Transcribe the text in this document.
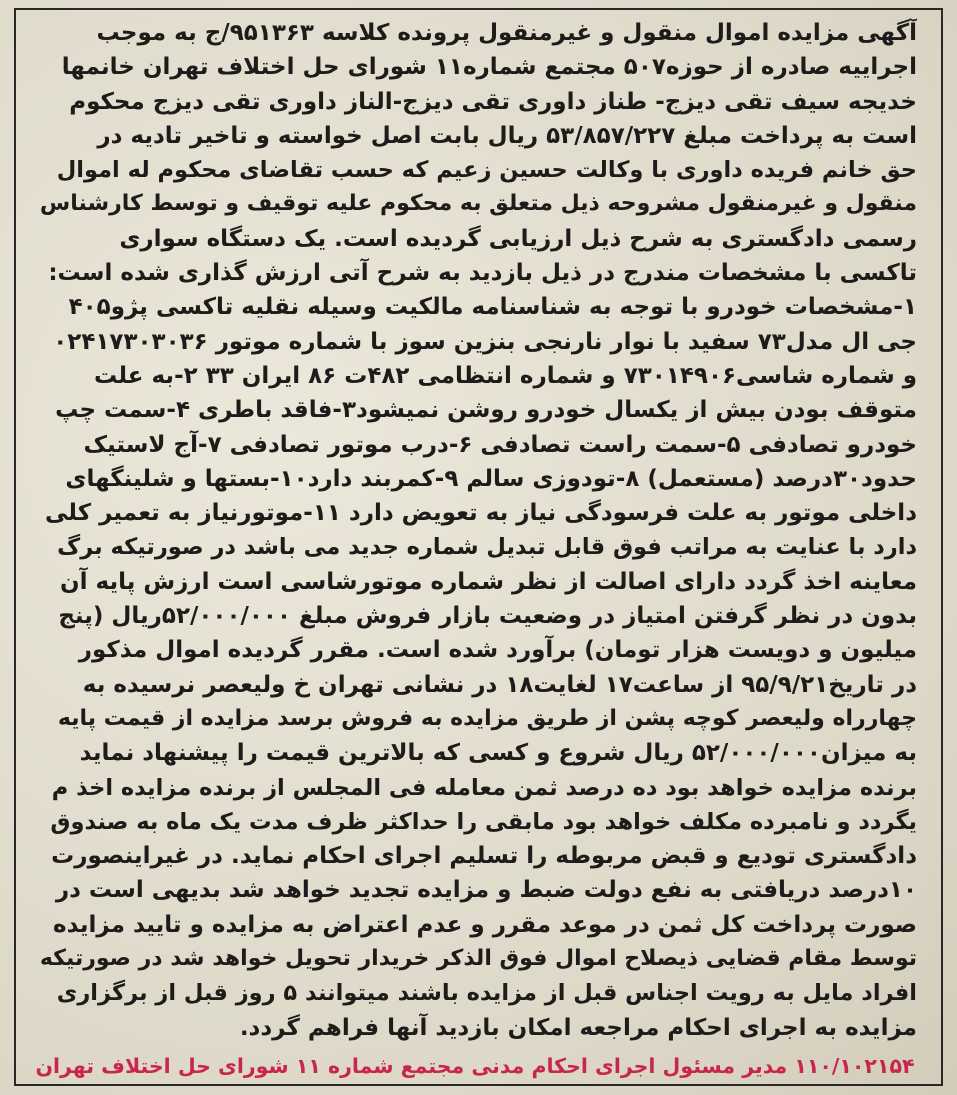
آگهی مزایده اموال منقول و غیرمنقول پرونده کلاسه ۹۵۱۳۶۳/ج به موجب
اجراییه صادره از حوزه۵۰۷ مجتمع شماره۱۱ شورای حل اختلاف تهران خانمها
خدیجه سیف تقی دیزج- طناز داوری تقی دیزج-الناز داوری تقی دیزج محکوم
است به پرداخت مبلغ ۵۳/۸۵۷/۲۲۷ ریال بابت اصل خواسته و تاخیر تادیه در
حق خانم فریده داوری با وکالت حسین زعیم که حسب تقاضای محکوم له اموال
منقول و غیرمنقول مشروحه ذیل متعلق به محکوم علیه توقیف و توسط کارشناس
رسمی دادگستری به شرح ذیل ارزیابی گردیده است. یک دستگاه سواری
تاکسی با مشخصات مندرج در ذیل بازدید به شرح آتی ارزش گذاری شده است:
۱-مشخصات خودرو با توجه به شناسنامه مالکیت وسیله نقلیه تاکسی پژو۴۰۵
جی ال مدل۷۳ سفید با نوار نارنجی بنزین سوز با شماره موتور ۰۲۴۱۷۳۰۳۰۳۶
و شماره شاسی۷۳۰۱۴۹۰۶ و شماره انتظامی ۴۸۲ت ۸۶ ایران ۳۳ ۲-به علت
متوقف بودن بیش از یکسال خودرو روشن نمیشود۳-فاقد باطری ۴-سمت چپ
خودرو تصادفی ۵-سمت راست تصادفی ۶-درب موتور تصادفی ۷-آج لاستیک
حدود۳۰درصد (مستعمل) ۸-تودوزی سالم ۹-کمربند دارد۱۰-بستها و شلینگهای
داخلی موتور به علت فرسودگی نیاز به تعویض دارد ۱۱-موتورنیاز به تعمیر کلی
دارد با عنایت به مراتب فوق قابل تبدیل شماره جدید می باشد در صورتیکه برگ
معاینه اخذ گردد دارای اصالت از نظر شماره موتورشاسی است ارزش پایه آن
بدون در نظر گرفتن امتیاز در وضعیت بازار فروش مبلغ ۵۲/۰۰۰/۰۰۰ریال (پنج
میلیون و دویست هزار تومان) برآورد شده است. مقرر گردیده اموال مذکور
در تاریخ۹۵/۹/۲۱ از ساعت۱۷ لغایت۱۸ در نشانی تهران خ ولیعصر نرسیده به
چهارراه ولیعصر کوچه پشن از طریق مزایده به فروش برسد مزایده از قیمت پایه
به میزان۵۲/۰۰۰/۰۰۰ ریال شروع و کسی که بالاترین قیمت را پیشنهاد نماید
برنده مزایده خواهد بود ده درصد ثمن معامله فی المجلس از برنده مزایده اخذ م
یگردد و نامبرده مکلف خواهد بود مابقی را حداکثر ظرف مدت یک ماه به صندوق
دادگستری تودیع و قبض مربوطه را تسلیم اجرای احکام نماید. در غیراینصورت
۱۰درصد دریافتی به نفع دولت ضبط و مزایده تجدید خواهد شد بدیهی است در
صورت پرداخت کل ثمن در موعد مقرر و عدم اعتراض به مزایده و تایید مزایده
توسط مقام قضایی ذیصلاح اموال فوق الذکر خریدار تحویل خواهد شد در صورتیکه
افراد مایل به رویت اجناس قبل از مزایده باشند میتوانند ۵ روز قبل از برگزاری
مزایده به اجرای احکام مراجعه امکان بازدید آنها فراهم گردد.
۱۱۰/۱۰۲۱۵۴ مدیر مسئول اجرای احکام مدنی مجتمع شماره ۱۱ شورای حل اختلاف تهران
